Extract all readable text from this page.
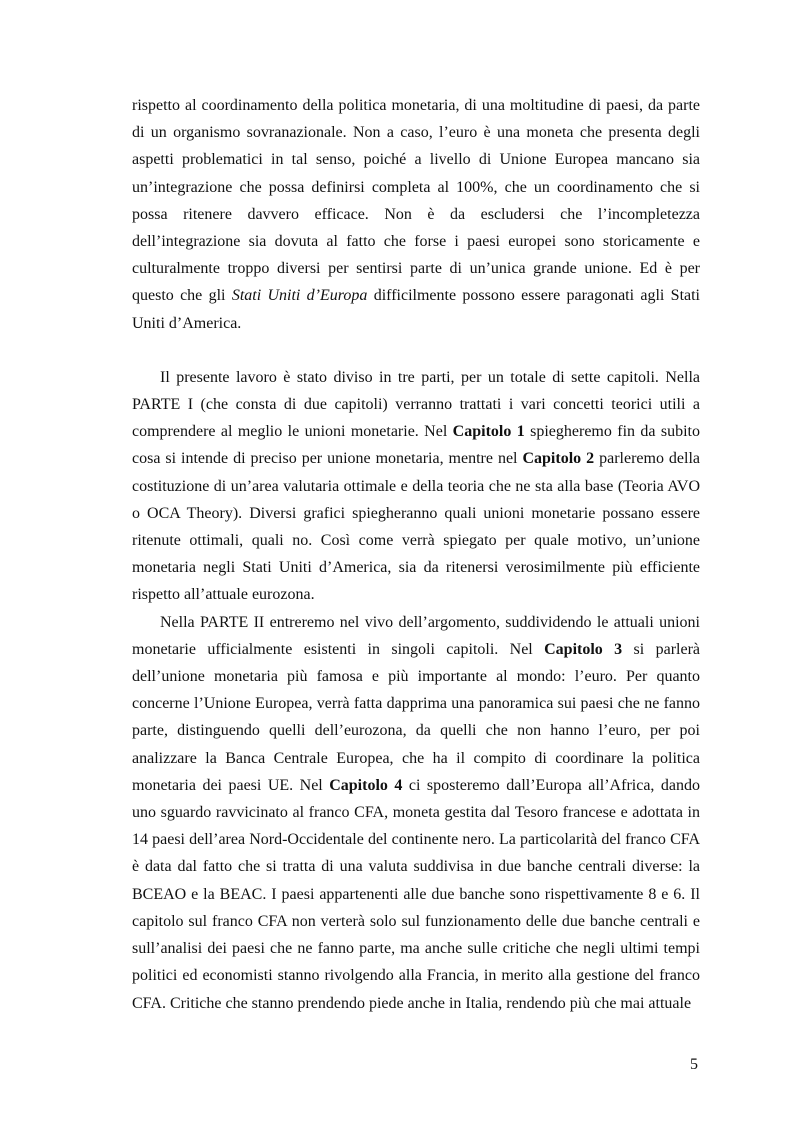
rispetto al coordinamento della politica monetaria, di una moltitudine di paesi, da parte di un organismo sovranazionale. Non a caso, l’euro è una moneta che presenta degli aspetti problematici in tal senso, poiché a livello di Unione Europea mancano sia un’integrazione che possa definirsi completa al 100%, che un coordinamento che si possa ritenere davvero efficace. Non è da escludersi che l’incompletezza dell’integrazione sia dovuta al fatto che forse i paesi europei sono storicamente e culturalmente troppo diversi per sentirsi parte di un’unica grande unione. Ed è per questo che gli Stati Uniti d’Europa difficilmente possono essere paragonati agli Stati Uniti d’America.

Il presente lavoro è stato diviso in tre parti, per un totale di sette capitoli. Nella PARTE I (che consta di due capitoli) verranno trattati i vari concetti teorici utili a comprendere al meglio le unioni monetarie. Nel Capitolo 1 spiegheremo fin da subito cosa si intende di preciso per unione monetaria, mentre nel Capitolo 2 parleremo della costituzione di un’area valutaria ottimale e della teoria che ne sta alla base (Teoria AVO o OCA Theory). Diversi grafici spiegheranno quali unioni monetarie possano essere ritenute ottimali, quali no. Così come verrà spiegato per quale motivo, un’unione monetaria negli Stati Uniti d’America, sia da ritenersi verosimilmente più efficiente rispetto all’attuale eurozona.

Nella PARTE II entreremo nel vivo dell’argomento, suddividendo le attuali unioni monetarie ufficialmente esistenti in singoli capitoli. Nel Capitolo 3 si parlerà dell’unione monetaria più famosa e più importante al mondo: l’euro. Per quanto concerne l’Unione Europea, verrà fatta dapprima una panoramica sui paesi che ne fanno parte, distinguendo quelli dell’eurozona, da quelli che non hanno l’euro, per poi analizzare la Banca Centrale Europea, che ha il compito di coordinare la politica monetaria dei paesi UE. Nel Capitolo 4 ci sposteremo dall’Europa all’Africa, dando uno sguardo ravvicinato al franco CFA, moneta gestita dal Tesoro francese e adottata in 14 paesi dell’area Nord-Occidentale del continente nero. La particolarità del franco CFA è data dal fatto che si tratta di una valuta suddivisa in due banche centrali diverse: la BCEAO e la BEAC. I paesi appartenenti alle due banche sono rispettivamente 8 e 6. Il capitolo sul franco CFA non verterà solo sul funzionamento delle due banche centrali e sull’analisi dei paesi che ne fanno parte, ma anche sulle critiche che negli ultimi tempi politici ed economisti stanno rivolgendo alla Francia, in merito alla gestione del franco CFA. Critiche che stanno prendendo piede anche in Italia, rendendo più che mai attuale

5
